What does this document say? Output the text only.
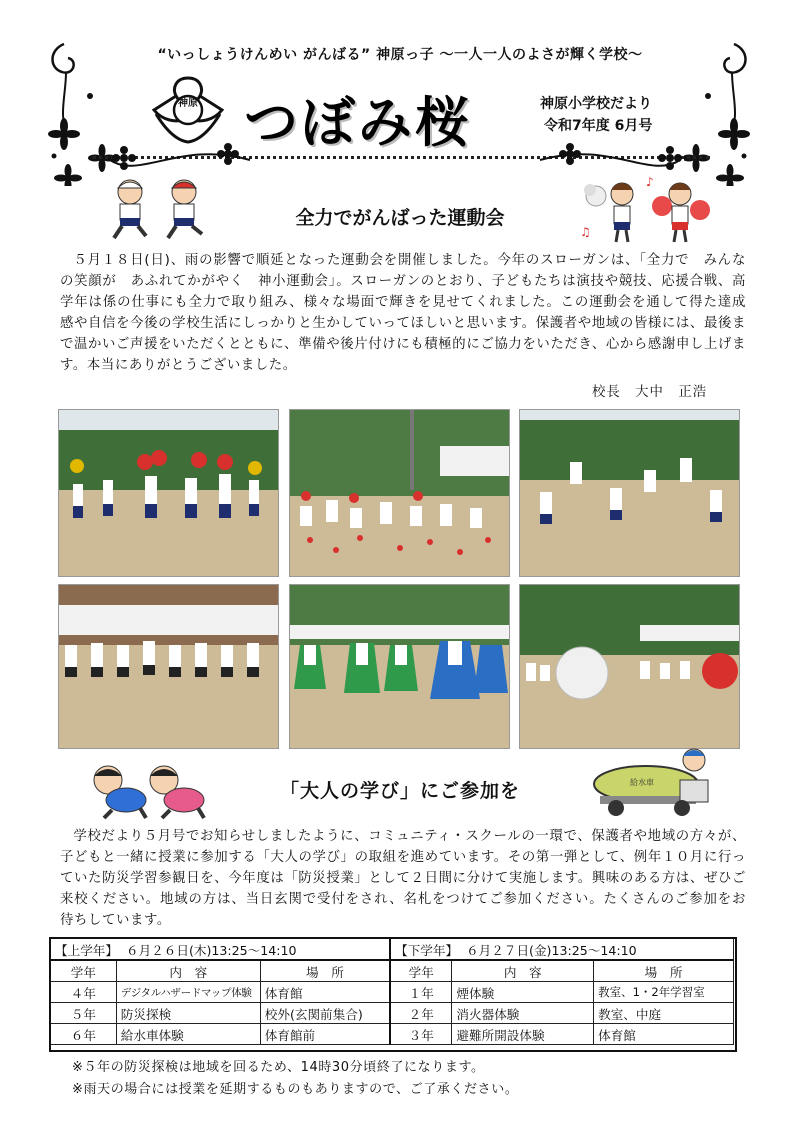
“いっしょうけんめい がんばる” 神原っ子 〜一人一人のよさが輝く学校〜
神原 つぼみ桜	神原小学校だより
令和7年度 6月号
全力でがんばった運動会
♪
♫
５月１８日(日)、雨の影響で順延となった運動会を開催しました。今年のスローガンは、｢全力で　みんなの笑顔が　あふれてかがやく　神小運動会｣。スローガンのとおり、子どもたちは演技や競技、応援合戦、高学年は係の仕事にも全力で取り組み、様々な場面で輝きを見せてくれました。この運動会を通して得た達成感や自信を今後の学校生活にしっかりと生かしていってほしいと思います。保護者や地域の皆様には、最後まで温かいご声援をいただくとともに、準備や後片付けにも積極的にご協力をいただき、心から感謝申し上げます。本当にありがとうございました。
校長　大中　正浩
「大人の学び」にご参加を	給水車
学校だより５月号でお知らせしましたように、コミュニティ・スクールの一環で、保護者や地域の方々が、子どもと一緒に授業に参加する「大人の学び」の取組を進めています。その第一弾として、例年１０月に行っていた防災学習参観日を、今年度は「防災授業」として２日間に分けて実施します。興味のある方は、ぜひご来校ください。地域の方は、当日玄関で受付をされ、名札をつけてご参加ください。たくさんのご参加をお待ちしています。
【上学年】 ６月２６日(木)13:25〜14:10			【下学年】 ６月２７日(金)13:25〜14:10		
学年	内　容	場　所	学年	内　容	場　所
４年	デジタルハザードマップ体験	体育館	１年	煙体験	教室、1・2年学習室
５年	防災探検	校外(玄関前集合)	２年	消火器体験	教室、中庭
６年	給水車体験	体育館前	３年	避難所開設体験	体育館
※５年の防災探検は地域を回るため、14時30分頃終了になります。
※雨天の場合には授業を延期するものもありますので、ご了承ください。
